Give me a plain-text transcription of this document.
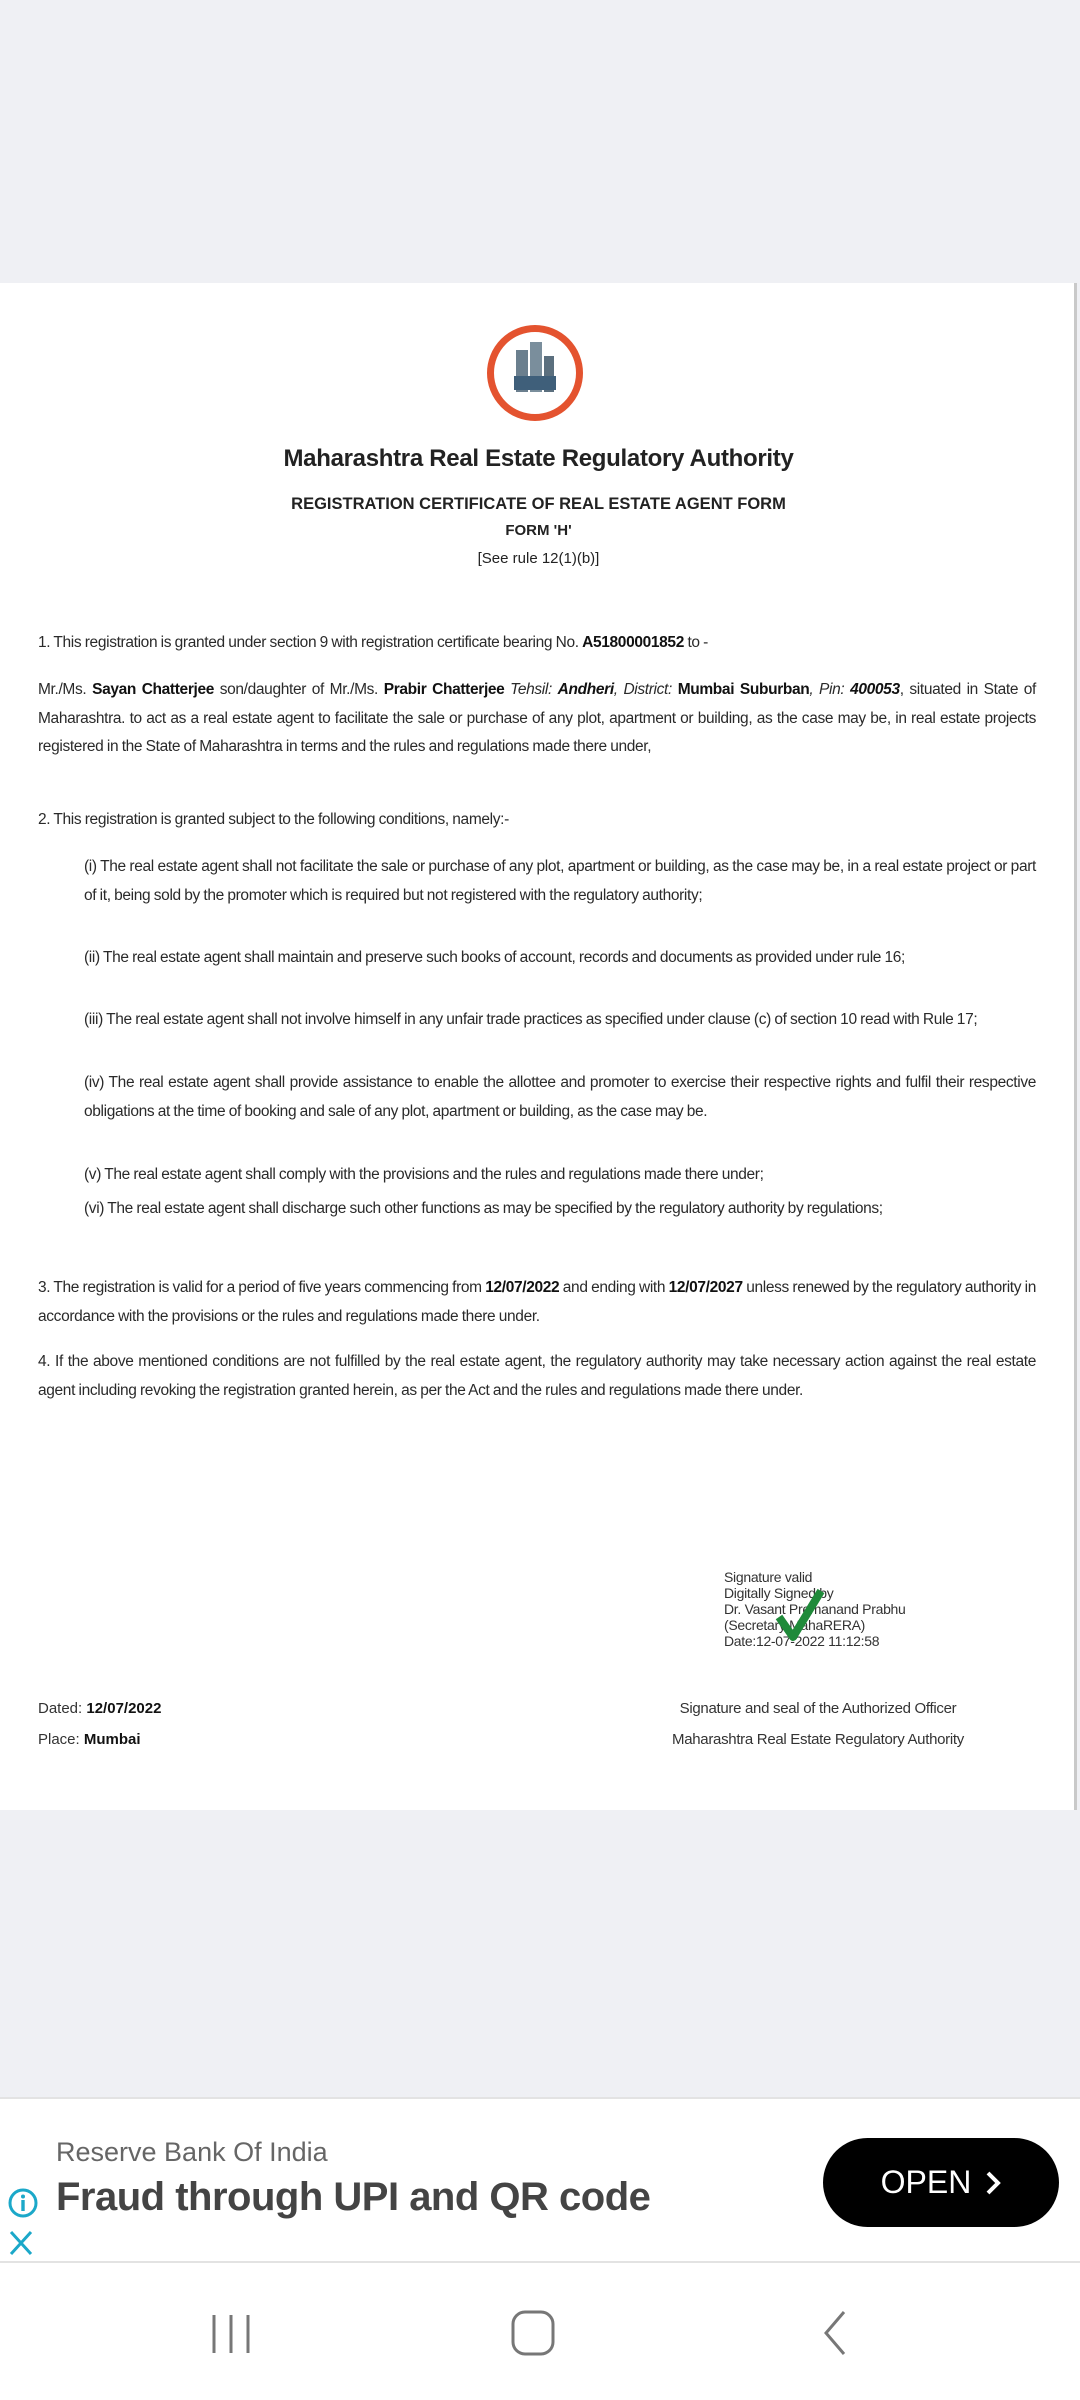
Maharashtra Real Estate Regulatory Authority
REGISTRATION CERTIFICATE OF REAL ESTATE AGENT FORM
FORM 'H'
[See rule 12(1)(b)]
1. This registration is granted under section 9 with registration certificate bearing No. A51800001852 to -
Mr./Ms. Sayan Chatterjee son/daughter of Mr./Ms. Prabir Chatterjee Tehsil: Andheri, District: Mumbai Suburban, Pin: 400053, situated in State of Maharashtra. to act as a real estate agent to facilitate the sale or purchase of any plot, apartment or building, as the case may be, in real estate projects registered in the State of Maharashtra in terms and the rules and regulations made there under,
2. This registration is granted subject to the following conditions, namely:-
(i) The real estate agent shall not facilitate the sale or purchase of any plot, apartment or building, as the case may be, in a real estate project or part of it, being sold by the promoter which is required but not registered with the regulatory authority;
(ii) The real estate agent shall maintain and preserve such books of account, records and documents as provided under rule 16;
(iii) The real estate agent shall not involve himself in any unfair trade practices as specified under clause (c) of section 10 read with Rule 17;
(iv) The real estate agent shall provide assistance to enable the allottee and promoter to exercise their respective rights and fulfil their respective obligations at the time of booking and sale of any plot, apartment or building, as the case may be.
(v) The real estate agent shall comply with the provisions and the rules and regulations made there under;
(vi) The real estate agent shall discharge such other functions as may be specified by the regulatory authority by regulations;
3. The registration is valid for a period of five years commencing from 12/07/2022 and ending with 12/07/2027 unless renewed by the regulatory authority in accordance with the provisions or the rules and regulations made there under.
4. If the above mentioned conditions are not fulfilled by the real estate agent, the regulatory authority may take necessary action against the real estate agent including revoking the registration granted herein, as per the Act and the rules and regulations made there under.
Signature valid
Digitally Signed by
Dr. Vasant Premanand Prabhu
(Secretary MahaRERA)
Date:12-07-2022 11:12:58
Dated: 12/07/2022
Place: Mumbai
Signature and seal of the Authorized Officer
Maharashtra Real Estate Regulatory Authority
Reserve Bank Of India
Fraud through UPI and QR code	OPEN
